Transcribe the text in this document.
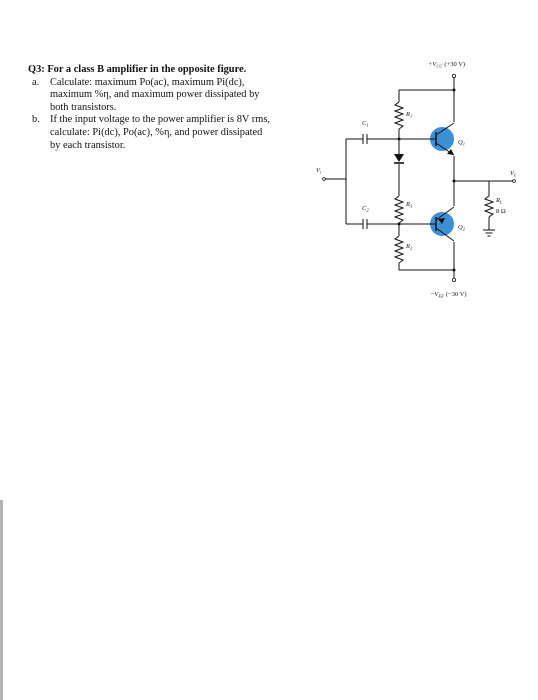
Q3: For a class B amplifier in the opposite figure.
a.	Calculate: maximum Po(ac), maximum Pi(dc),
maximum %η, and maximum power dissipated by
both transistors.
b. If the input voltage to the power amplifier is 8V rms,
calculate: Pi(dc), Po(ac), %η, and power dissipated
by each transistor.
$+V_{CC}$ (+30 V)
$-V_{EE}$ (−30 V)
$V_i$	$V_L$
$C_1$
$C_2$
$R_1$
$R_3$
$R_2$
$R_L$
8 Ω
$Q_1$
$Q_2$
